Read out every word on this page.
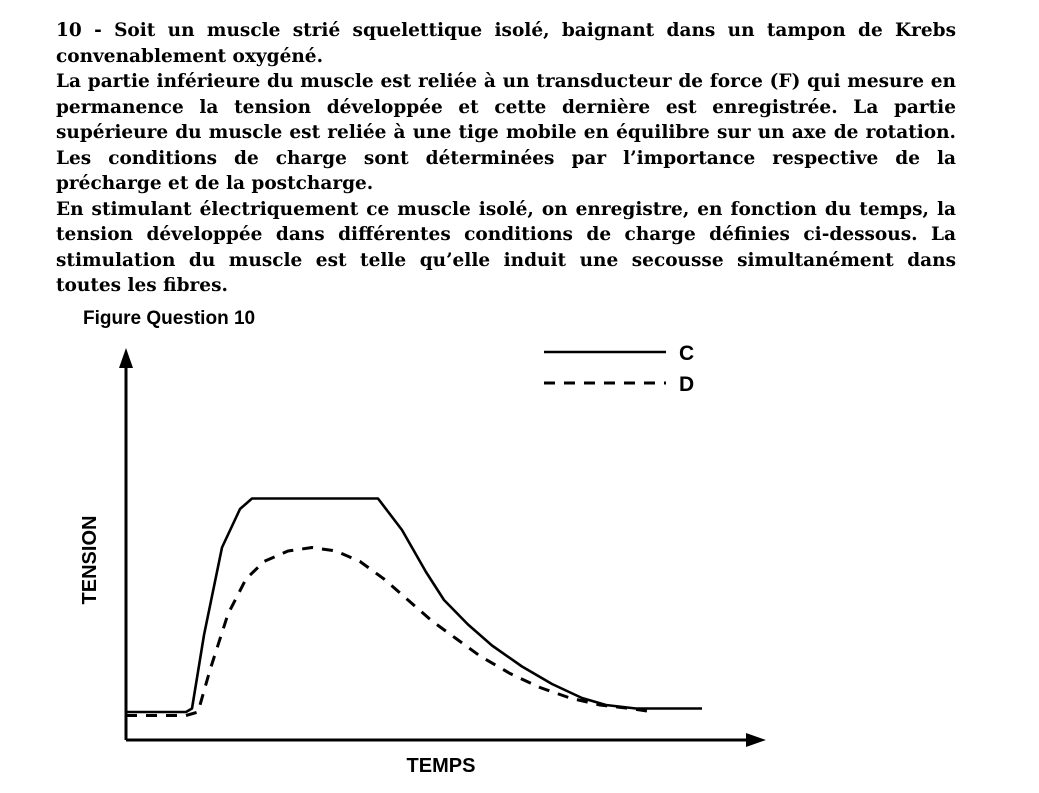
10 - Soit un muscle strié squelettique isolé, baignant dans un tampon de Krebs convenablement oxygéné.

La partie inférieure du muscle est reliée à un transducteur de force (F) qui mesure en permanence la tension développée et cette dernière est enregistrée. La partie supérieure du muscle est reliée à une tige mobile en équilibre sur un axe de rotation. Les conditions de charge sont déterminées par l’importance respective de la précharge et de la postcharge.

En stimulant électriquement ce muscle isolé, on enregistre, en fonction du temps, la tension développée dans différentes conditions de charge définies ci-dessous. La stimulation du muscle est telle qu’elle induit une secousse simultanément dans toutes les fibres.

Figure Question 10
C
D
TENSION
TEMPS
